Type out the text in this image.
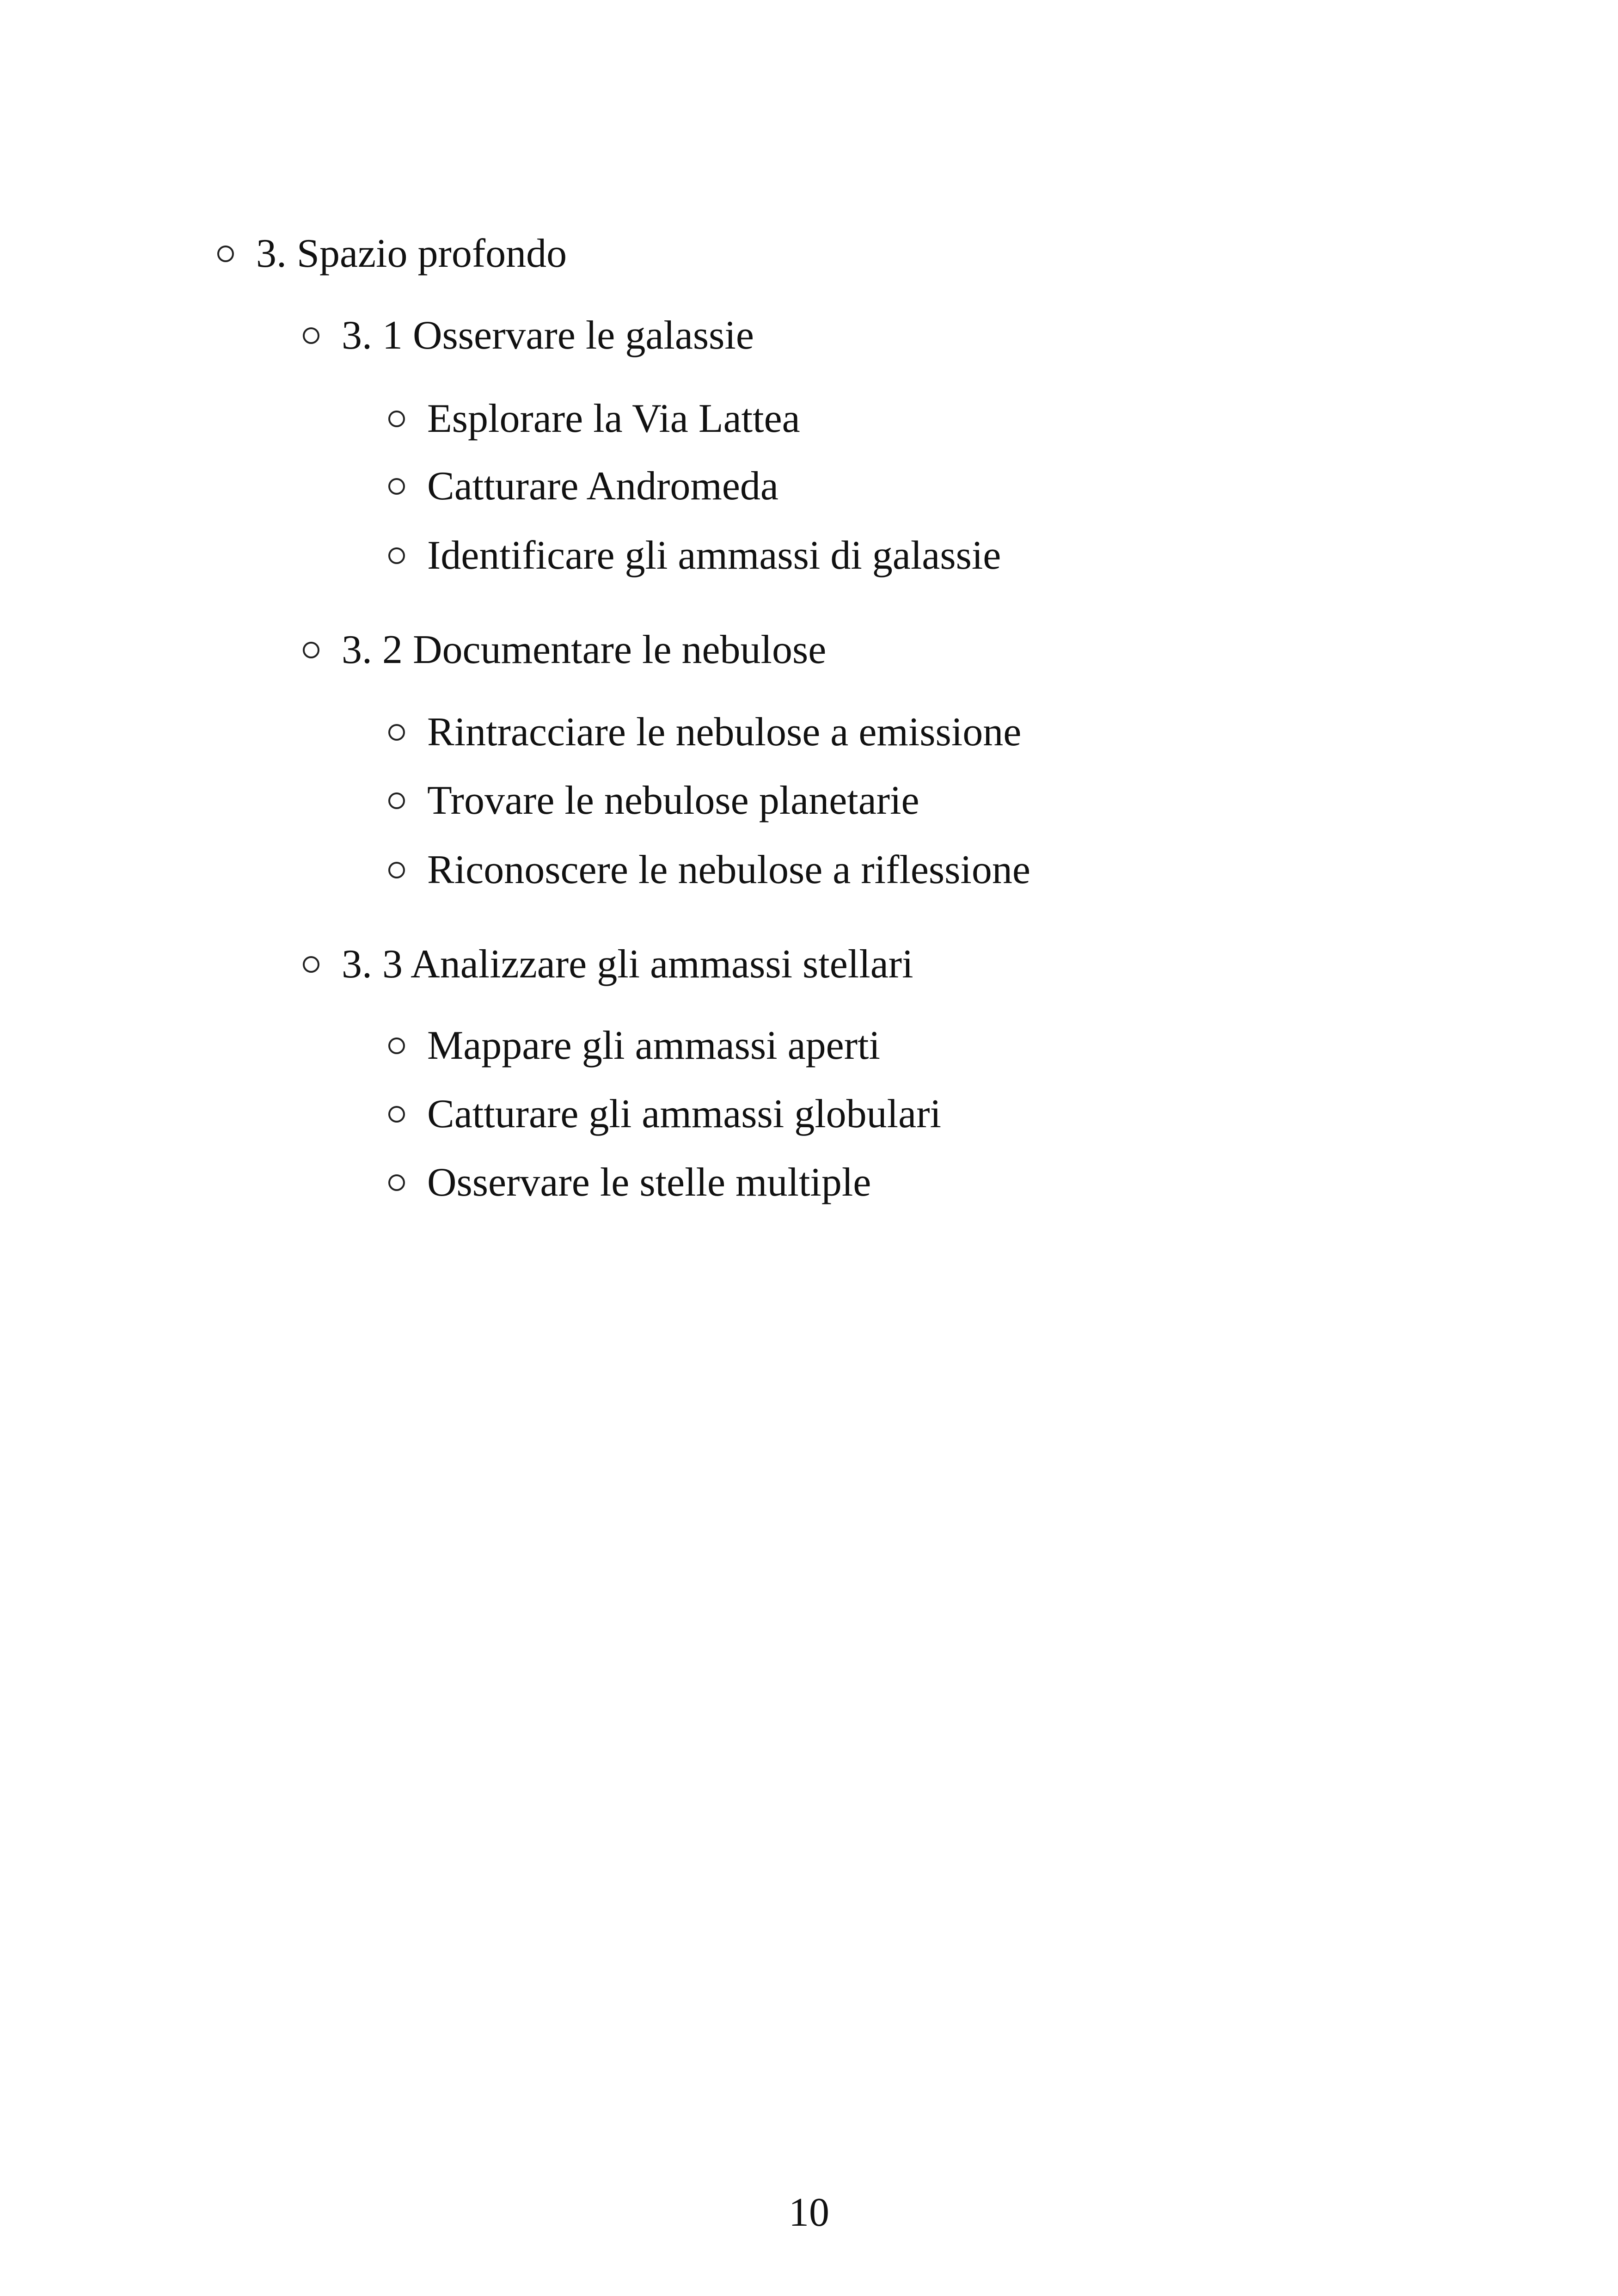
3. Spazio profondo
3. 1 Osservare le galassie
Esplorare la Via Lattea
Catturare Andromeda
Identificare gli ammassi di galassie
3. 2 Documentare le nebulose
Rintracciare le nebulose a emissione
Trovare le nebulose planetarie
Riconoscere le nebulose a riflessione
3. 3 Analizzare gli ammassi stellari
Mappare gli ammassi aperti
Catturare gli ammassi globulari
Osservare le stelle multiple
10
